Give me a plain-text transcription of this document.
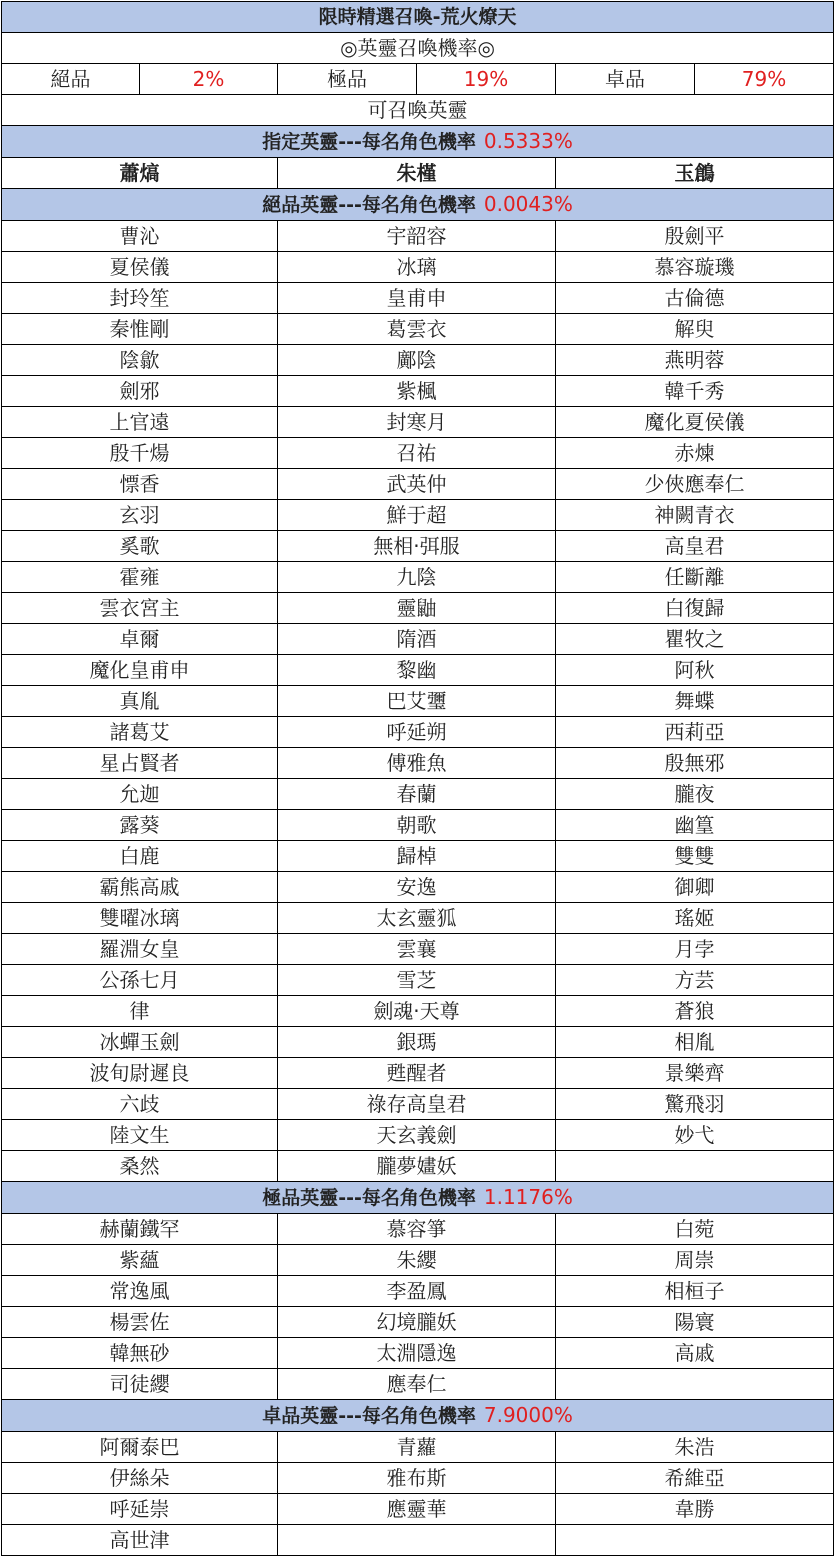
限時精選召喚-荒火燎天					
◎英靈召喚機率◎					
絕品	2%	極品	19%	卓品	79%
可召喚英靈					
指定英靈---每名角色機率 0.5333%					
蕭熇		朱槿		玉鶬	
絕品英靈---每名角色機率 0.0043%					
曹沁		宇韶容		殷劍平	
夏侯儀		冰璃		慕容璇璣	
封玲笙		皇甫申		古倫德	
秦惟剛		葛雲衣		解臾	
陰歙		鄺陰		燕明蓉	
劍邪		紫楓		韓千秀	
上官遠		封寒月		魔化夏侯儀	
殷千煬		召祐		赤煉	
慓香		武英仲		少俠應奉仁	
玄羽		鮮于超		神闕青衣	
奚歌		無相·弭服		高皇君	
霍雍		九陰		任斷離	
雲衣宮主		靈鼬		白復歸	
卓爾		隋酒		瞿牧之	
魔化皇甫申		黎幽		阿秋	
真胤		巴艾瓕		舞蝶	
諸葛艾		呼延朔		西莉亞	
星占賢者		傅雅魚		殷無邪	
允迦		春蘭		朧夜	
露葵		朝歌		幽篁	
白鹿		歸棹		雙雙	
霸熊高戚		安逸		御卿	
雙曜冰璃		太玄靈狐		瑤姬	
羅淵女皇		雲襄		月孛	
公孫七月		雪芝		方芸	
律		劍魂·天尊		蒼狼	
冰蟬玉劍		銀瑪		相胤	
波旬尉遲良		甦醒者		景樂齊	
六歧		祿存高皇君		驚飛羽	
陸文生		天玄義劍		妙弋	
桑然		朧夢嫿妖			
極品英靈---每名角色機率 1.1176%					
赫蘭鐵罕		慕容箏		白菀	
紫蘊		朱纓		周崇	
常逸風		李盈鳳		相桓子	
楊雲佐		幻境朧妖		陽寰	
韓無砂		太淵隱逸		高戚	
司徒纓		應奉仁			
卓品英靈---每名角色機率 7.9000%					
阿爾泰巴		青蘿		朱浩	
伊絲朵		雅布斯		希維亞	
呼延崇		應靈華		韋勝	
高世津					
